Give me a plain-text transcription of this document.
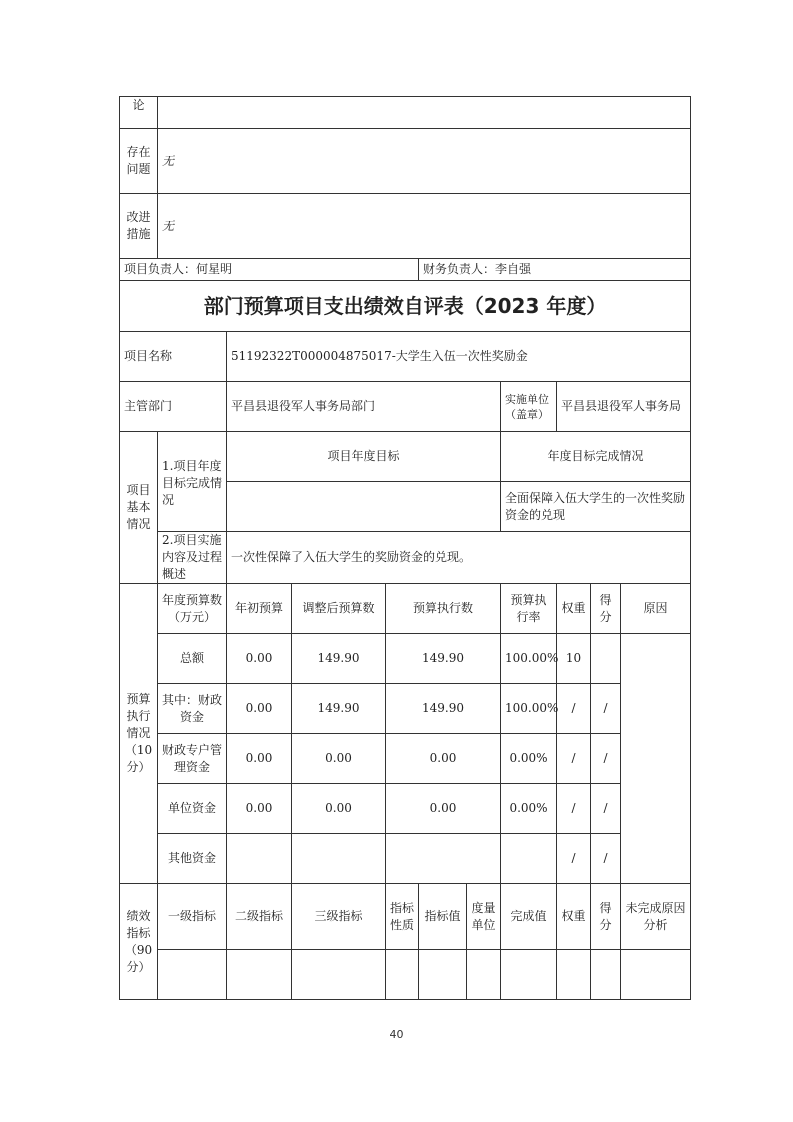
论										
存在问题	无									
改进措施	无									
项目负责人：何星明					财务负责人：李自强					
部门预算项目支出绩效自评表（2023 年度）										
项目名称		51192322T000004875017-大学生入伍一次性奖励金								
主管部门		平昌县退役军人事务局部门					实施单位（盖章）	平昌县退役军人事务局		
项目基本情况	1.项目年度目标完成情况	项目年度目标					年度目标完成情况			
							全面保障入伍大学生的一次性奖励资金的兑现			
	2.项目实施内容及过程概述	一次性保障了入伍大学生的奖励资金的兑现。								
预算执行情况（10分）	年度预算数（万元）	年初预算	调整后预算数	预算执行数			预算执行率	权重	得分	原因
	总额	0.00	149.90	149.90			100.00%	10		
	其中：财政资金	0.00	149.90	149.90			100.00%	/	/	
	财政专户管理资金	0.00	0.00	0.00			0.00%	/	/	
	单位资金	0.00	0.00	0.00			0.00%	/	/	
	其他资金							/	/	
绩效指标（90分）	一级指标	二级指标	三级指标	指标性质	指标值	度量单位	完成值	权重	得分	未完成原因分析

40
